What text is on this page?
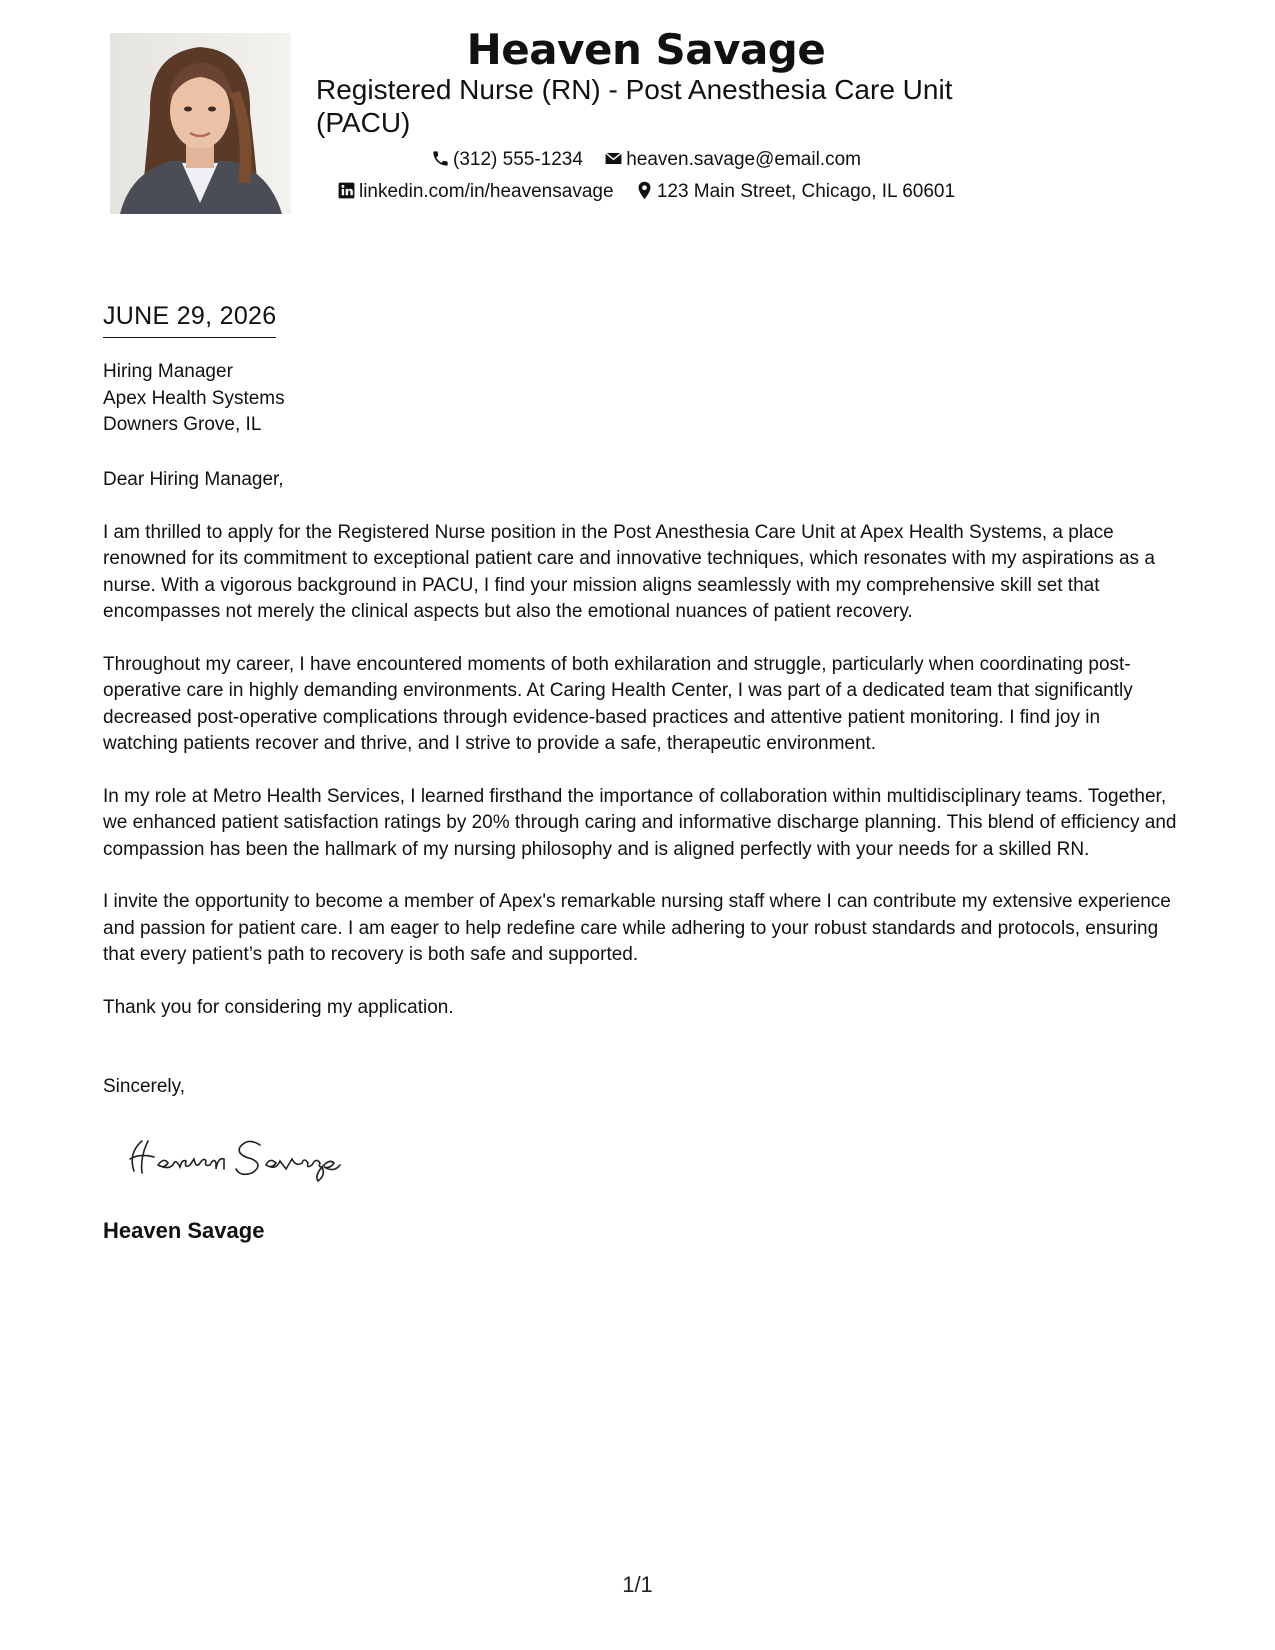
Heaven Savage
Registered Nurse (RN) - Post Anesthesia Care Unit (PACU)
(312) 555-1234 heaven.savage@email.com
linkedin.com/in/heavensavage 123 Main Street, Chicago, IL 60601
JUNE 29, 2026
Hiring Manager
Apex Health Systems
Downers Grove, IL

Dear Hiring Manager,

I am thrilled to apply for the Registered Nurse position in the Post Anesthesia Care Unit at Apex Health Systems, a place renowned for its commitment to exceptional patient care and innovative techniques, which resonates with my aspirations as a nurse. With a vigorous background in PACU, I find your mission aligns seamlessly with my comprehensive skill set that encompasses not merely the clinical aspects but also the emotional nuances of patient recovery.

Throughout my career, I have encountered moments of both exhilaration and struggle, particularly when coordinating post-operative care in highly demanding environments. At Caring Health Center, I was part of a dedicated team that significantly decreased post-operative complications through evidence-based practices and attentive patient monitoring. I find joy in watching patients recover and thrive, and I strive to provide a safe, therapeutic environment.

In my role at Metro Health Services, I learned firsthand the importance of collaboration within multidisciplinary teams. Together, we enhanced patient satisfaction ratings by 20% through caring and informative discharge planning. This blend of efficiency and compassion has been the hallmark of my nursing philosophy and is aligned perfectly with your needs for a skilled RN.

I invite the opportunity to become a member of Apex's remarkable nursing staff where I can contribute my extensive experience and passion for patient care. I am eager to help redefine care while adhering to your robust standards and protocols, ensuring that every patient’s path to recovery is both safe and supported.

Thank you for considering my application.

Sincerely,
Heaven Savage
1/1
